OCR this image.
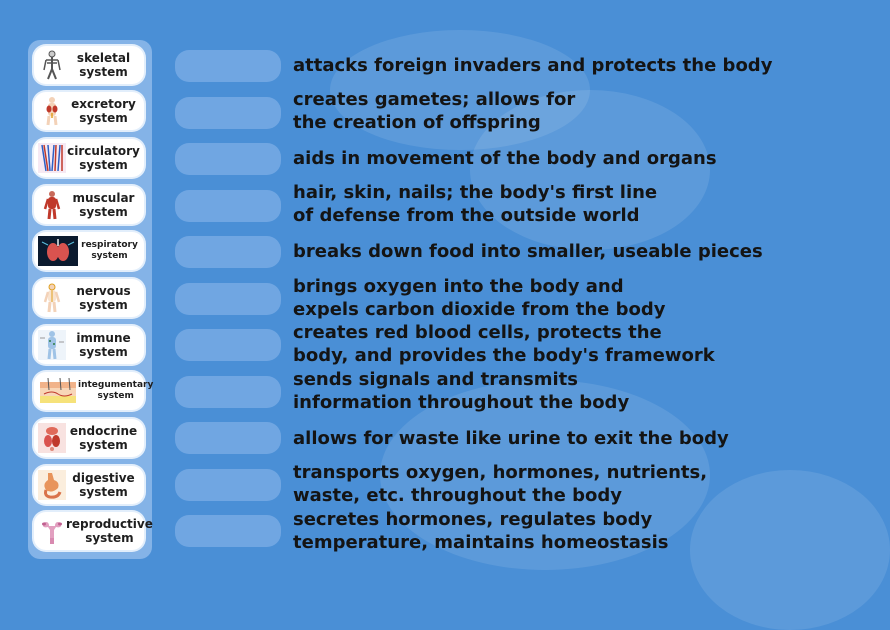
skeletal
system
excretory
system
circulatory
system
muscular
system
respiratory
system
nervous
system
immune
system
integumentary
system
endocrine
system
digestive
system
reproductive
system
attacks foreign invaders and protects the body
creates gametes; allows for
the creation of offspring
aids in movement of the body and organs
hair, skin, nails; the body's first line
of defense from the outside world
breaks down food into smaller, useable pieces
brings oxygen into the body and
expels carbon dioxide from the body
creates red blood cells, protects the
body, and provides the body's framework
sends signals and transmits
information throughout the body
allows for waste like urine to exit the body
transports oxygen, hormones, nutrients,
waste, etc. throughout the body
secretes hormones, regulates body
temperature, maintains homeostasis
